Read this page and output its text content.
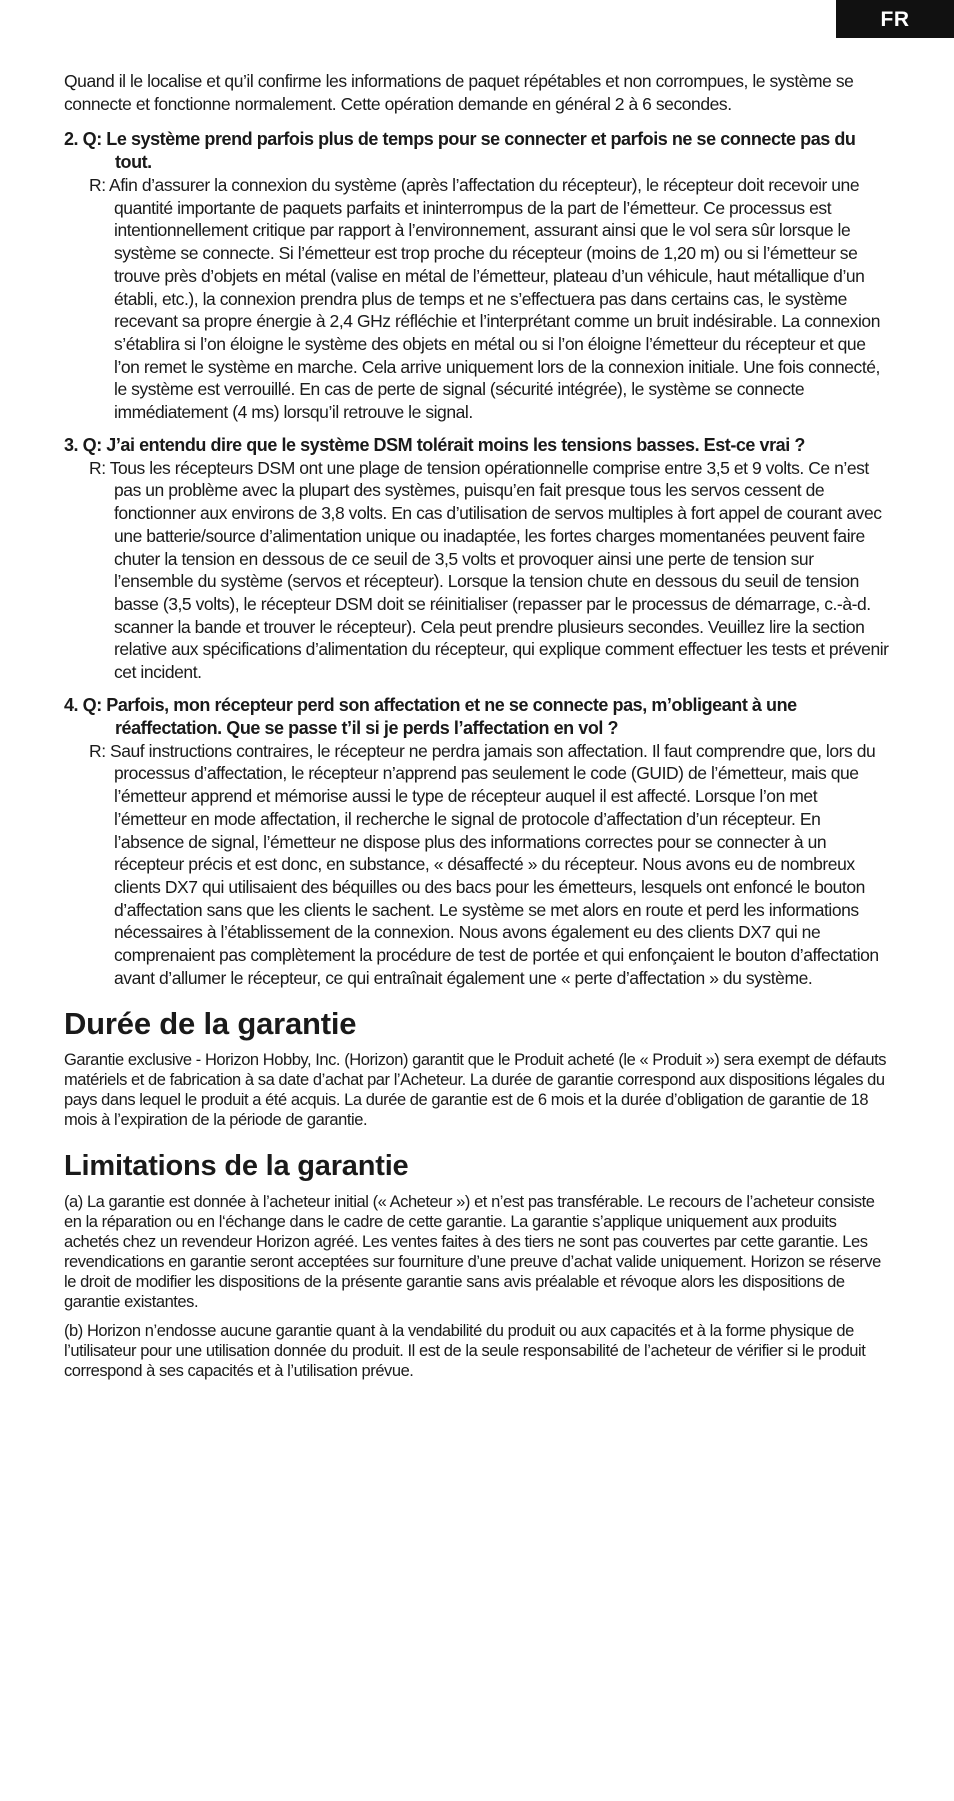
FR

Quand il le localise et qu’il confirme les informations de paquet répétables et non corrompues, le système se connecte et fonctionne normalement. Cette opération demande en général 2 à 6 secondes.

2. Q: Le système prend parfois plus de temps pour se connecter et parfois ne se connecte pas du tout.

R: Afin d’assurer la connexion du système (après l’affectation du récepteur), le récepteur doit recevoir une quantité importante de paquets parfaits et ininterrompus de la part de l’émetteur. Ce processus est intentionnellement critique par rapport à l’environnement, assurant ainsi que le vol sera sûr lorsque le système se connecte. Si l’émetteur est trop proche du récepteur (moins de 1,20 m) ou si l’émetteur se trouve près d’objets en métal (valise en métal de l’émetteur, plateau d’un véhicule, haut métallique d’un établi, etc.), la connexion prendra plus de temps et ne s’effectuera pas dans certains cas, le système recevant sa propre énergie à 2,4 GHz réfléchie et l’interprétant comme un bruit indésirable. La connexion s’établira si l’on éloigne le système des objets en métal ou si l’on éloigne l’émetteur du récepteur et que l’on remet le système en marche. Cela arrive uniquement lors de la connexion initiale. Une fois connecté, le système est verrouillé. En cas de perte de signal (sécurité intégrée), le système se connecte immédiatement (4 ms) lorsqu’il retrouve le signal.

3. Q: J’ai entendu dire que le système DSM tolérait moins les tensions basses. Est-ce vrai ?

R: Tous les récepteurs DSM ont une plage de tension opérationnelle comprise entre 3,5 et 9 volts. Ce n’est pas un problème avec la plupart des systèmes, puisqu’en fait presque tous les servos cessent de fonctionner aux environs de 3,8 volts. En cas d’utilisation de servos multiples à fort appel de courant avec une batterie/source d’alimentation unique ou inadaptée, les fortes charges momentanées peuvent faire chuter la tension en dessous de ce seuil de 3,5 volts et provoquer ainsi une perte de tension sur l’ensemble du système (servos et récepteur). Lorsque la tension chute en dessous du seuil de tension basse (3,5 volts), le récepteur DSM doit se réinitialiser (repasser par le processus de démarrage, c.-à-d. scanner la bande et trouver le récepteur). Cela peut prendre plusieurs secondes. Veuillez lire la section relative aux spécifications d’alimentation du récepteur, qui explique comment effectuer les tests et prévenir cet incident.

4. Q: Parfois, mon récepteur perd son affectation et ne se connecte pas, m’obligeant à une réaffectation. Que se passe t’il si je perds l’affectation en vol ?

R: Sauf instructions contraires, le récepteur ne perdra jamais son affectation. Il faut comprendre que, lors du processus d’affectation, le récepteur n’apprend pas seulement le code (GUID) de l’émetteur, mais que l’émetteur apprend et mémorise aussi le type de récepteur auquel il est affecté. Lorsque l’on met l’émetteur en mode affectation, il recherche le signal de protocole d’affectation d’un récepteur. En l’absence de signal, l’émetteur ne dispose plus des informations correctes pour se connecter à un récepteur précis et est donc, en substance, « désaffecté » du récepteur. Nous avons eu de nombreux clients DX7 qui utilisaient des béquilles ou des bacs pour les émetteurs, lesquels ont enfoncé le bouton d’affectation sans que les clients le sachent. Le système se met alors en route et perd les informations nécessaires à l’établissement de la connexion. Nous avons également eu des clients DX7 qui ne comprenaient pas complètement la procédure de test de portée et qui enfonçaient le bouton d’affectation avant d’allumer le récepteur, ce qui entraînait également une « perte d’affectation » du système.

Durée de la garantie

Garantie exclusive - Horizon Hobby, Inc. (Horizon) garantit que le Produit acheté (le « Produit ») sera exempt de défauts matériels et de fabrication à sa date d’achat par l’Acheteur. La durée de garantie correspond aux dispositions légales du pays dans lequel le produit a été acquis. La durée de garantie est de 6 mois et la durée d’obligation de garantie de 18 mois à l’expiration de la période de garantie.

Limitations de la garantie

(a) La garantie est donnée à l’acheteur initial (« Acheteur ») et n’est pas transférable. Le recours de l’acheteur consiste en la réparation ou en l‘échange dans le cadre de cette garantie. La garantie s’applique uniquement aux produits achetés chez un revendeur Horizon agréé. Les ventes faites à des tiers ne sont pas couvertes par cette garantie. Les revendications en garantie seront acceptées sur fourniture d’une preuve d’achat valide uniquement. Horizon se réserve le droit de modifier les dispositions de la présente garantie sans avis préalable et révoque alors les dispositions de garantie existantes.

(b) Horizon n’endosse aucune garantie quant à la vendabilité du produit ou aux capacités et à la forme physique de l’utilisateur pour une utilisation donnée du produit. Il est de la seule responsabilité de l’acheteur de vérifier si le produit correspond à ses capacités et à l’utilisation prévue.
